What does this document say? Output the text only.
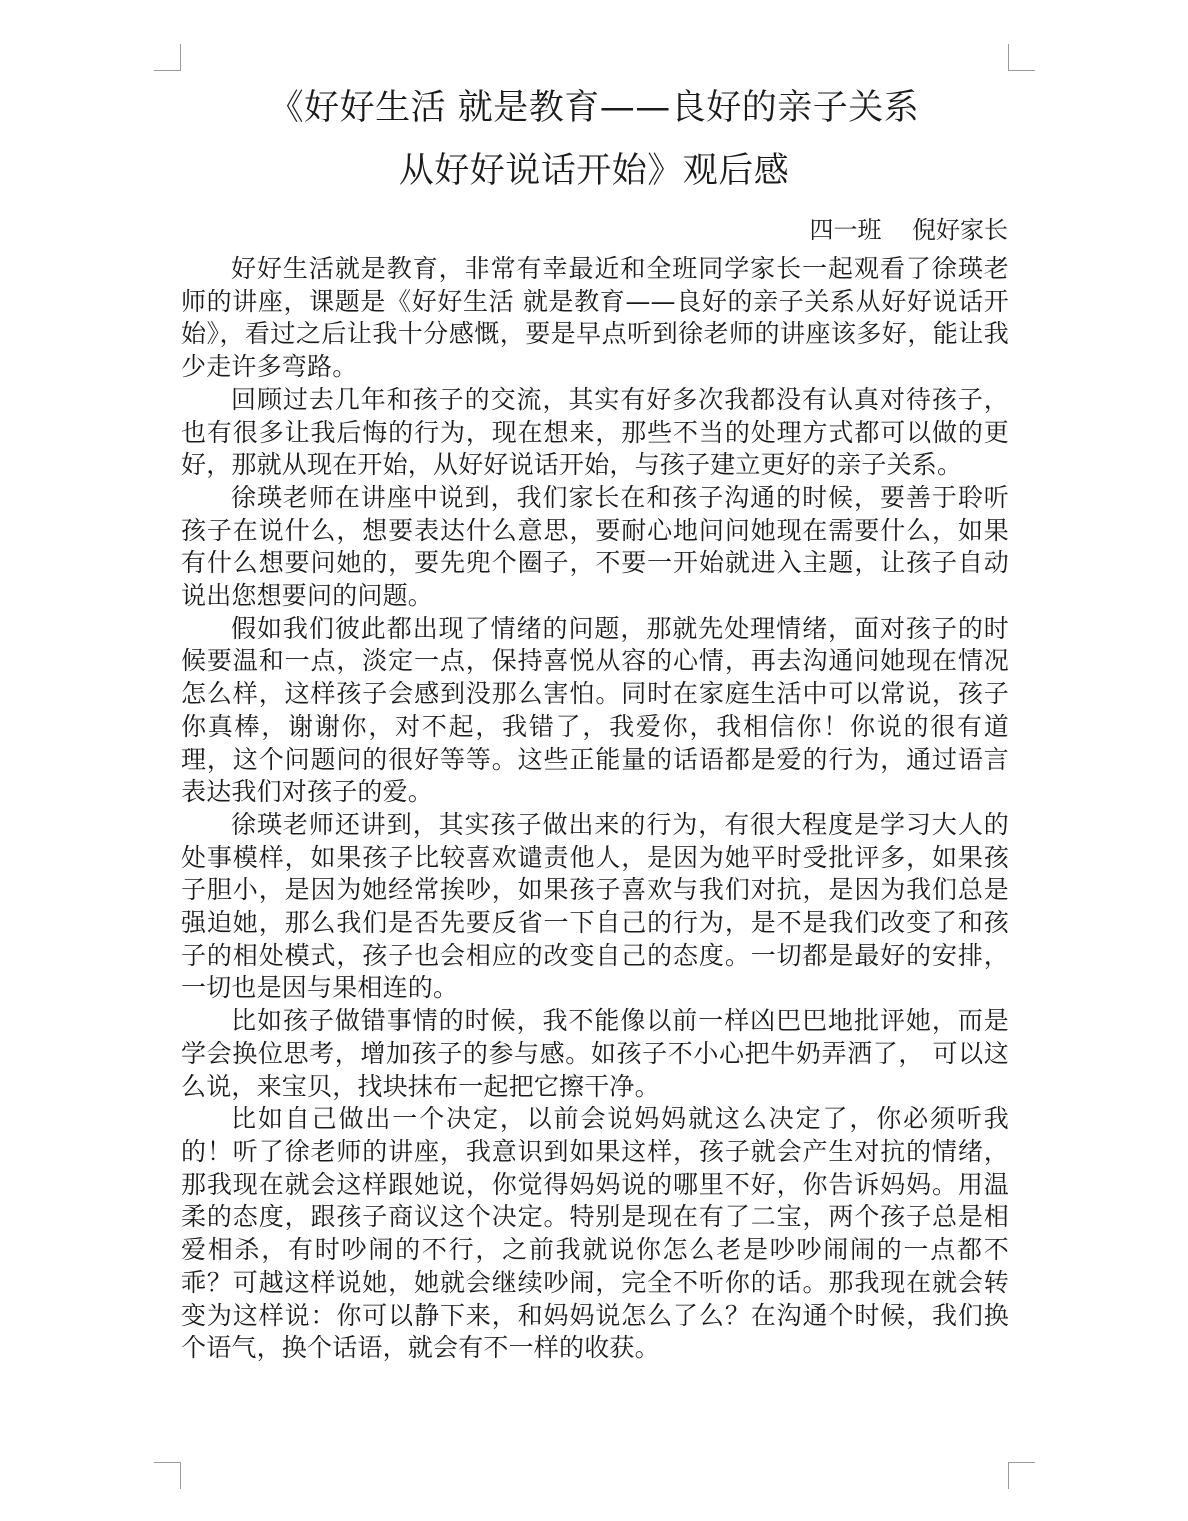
《好好生活 就是教育——良好的亲子关系
从好好说话开始》观后感

四一班    倪好家长

好好生活就是教育，非常有幸最近和全班同学家长一起观看了徐瑛老师的讲座，课题是《好好生活 就是教育——良好的亲子关系从好好说话开始》，看过之后让我十分感慨，要是早点听到徐老师的讲座该多好，能让我少走许多弯路。

回顾过去几年和孩子的交流，其实有好多次我都没有认真对待孩子，也有很多让我后悔的行为，现在想来，那些不当的处理方式都可以做的更好，那就从现在开始，从好好说话开始，与孩子建立更好的亲子关系。

徐瑛老师在讲座中说到，我们家长在和孩子沟通的时候，要善于聆听孩子在说什么，想要表达什么意思，要耐心地问问她现在需要什么，如果有什么想要问她的，要先兜个圈子，不要一开始就进入主题，让孩子自动说出您想要问的问题。

假如我们彼此都出现了情绪的问题，那就先处理情绪，面对孩子的时候要温和一点，淡定一点，保持喜悦从容的心情，再去沟通问她现在情况怎么样，这样孩子会感到没那么害怕。同时在家庭生活中可以常说，孩子你真棒，谢谢你，对不起，我错了，我爱你，我相信你！你说的很有道理，这个问题问的很好等等。这些正能量的话语都是爱的行为，通过语言表达我们对孩子的爱。

徐瑛老师还讲到，其实孩子做出来的行为，有很大程度是学习大人的处事模样，如果孩子比较喜欢谴责他人，是因为她平时受批评多，如果孩子胆小，是因为她经常挨吵，如果孩子喜欢与我们对抗，是因为我们总是强迫她，那么我们是否先要反省一下自己的行为，是不是我们改变了和孩子的相处模式，孩子也会相应的改变自己的态度。一切都是最好的安排，一切也是因与果相连的。

比如孩子做错事情的时候，我不能像以前一样凶巴巴地批评她，而是学会换位思考，增加孩子的参与感。如孩子不小心把牛奶弄洒了， 可以这么说，来宝贝，找块抹布一起把它擦干净。

比如自己做出一个决定，以前会说妈妈就这么决定了，你必须听我的！听了徐老师的讲座，我意识到如果这样，孩子就会产生对抗的情绪，那我现在就会这样跟她说，你觉得妈妈说的哪里不好，你告诉妈妈。用温柔的态度，跟孩子商议这个决定。特别是现在有了二宝，两个孩子总是相爱相杀，有时吵闹的不行，之前我就说你怎么老是吵吵闹闹的一点都不乖？可越这样说她，她就会继续吵闹，完全不听你的话。那我现在就会转变为这样说：你可以静下来，和妈妈说怎么了么？在沟通个时候，我们换个语气，换个话语，就会有不一样的收获。
